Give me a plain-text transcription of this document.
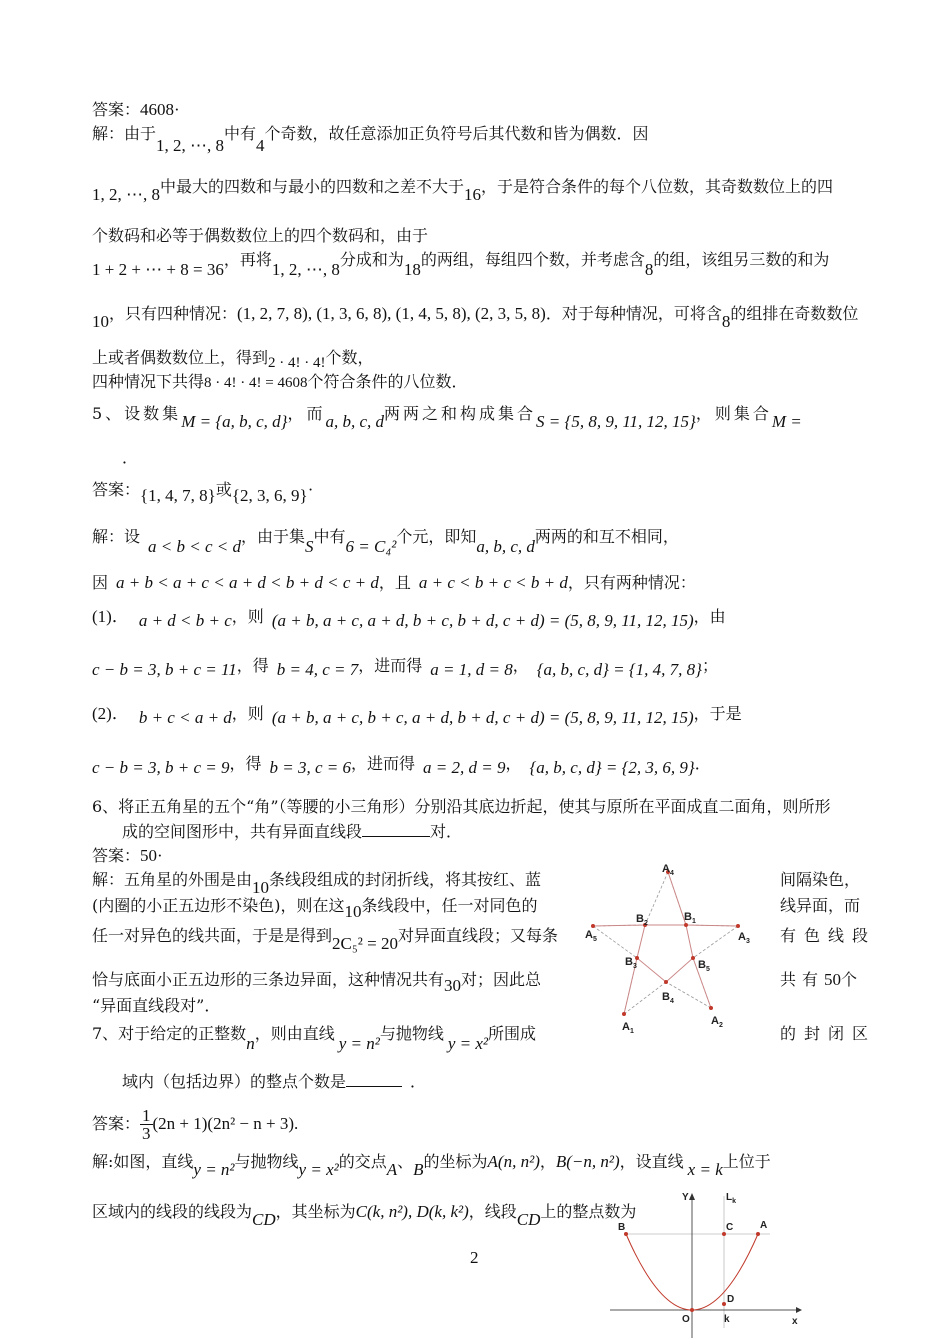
答案：4608·
解：由于1, 2, ⋯, 8中有4个奇数，故任意添加正负符号后其代数和皆为偶数．因
1, 2, ⋯, 8中最大的四数和与最小的四数和之差不大于16，于是符合条件的每个八位数，其奇数数位上的四
个数码和必等于偶数数位上的四个数码和，由于
1 + 2 + ⋯ + 8 = 36，再将1, 2, ⋯, 8分成和为18的两组，每组四个数，并考虑含8的组，该组另三数的和为
10，只有四种情况：(1, 2, 7, 8), (1, 3, 6, 8), (1, 4, 5, 8), (2, 3, 5, 8)．对于每种情况，可将含8的组排在奇数数位
上或者偶数数位上，得到2 · 4! · 4!个数，
四种情况下共得8 · 4! · 4! = 4608个符合条件的八位数．
5、设数集M = {a, b, c, d}，而a, b, c, d两两之和构成集合S = {5, 8, 9, 11, 12, 15}，则集合M =
．
答案：{1, 4, 7, 8}或{2, 3, 6, 9}·
解：设a < b < c < d，由于集S中有6 = C₄²个元，即知a, b, c, d两两的和互不相同，
因 a + b < a + c < a + d < b + d < c + d，且 a + c < b + c < b + d，只有两种情况：
(1)． a + d < b + c，则 (a + b, a + c, a + d, b + c, b + d, c + d) = (5, 8, 9, 11, 12, 15)，由
c − b = 3, b + c = 11，得 b = 4, c = 7，进而得 a = 1, d = 8， {a, b, c, d} = {1, 4, 7, 8}；
(2)． b + c < a + d，则 (a + b, a + c, b + c, a + d, b + d, c + d) = (5, 8, 9, 11, 12, 15)，于是
c − b = 3, b + c = 9，得 b = 3, c = 6，进而得 a = 2, d = 9， {a, b, c, d} = {2, 3, 6, 9}．
6、将正五角星的五个“角”（等腰的小三角形）分别沿其底边折起，使其与原所在平面成直二面角，则所形
成的空间图形中，共有异面直线段	对．
答案：50·
解：五角星的外围是由10条线段组成的封闭折线，将其按红、蓝	间隔染色，
(内圈的小正五边形不染色)，则在这10条线段中，任一对同色的	线异面，而
任一对异色的线共面，于是是得到2C₅² = 20对异面直线段；又每条	有色线段
恰与底面小正五边形的三条边异面，这种情况共有30对；因此总	共有50个
“异面直线段对”．
$A_4$
$A_5$	$A_3$
$A_1$
$A_2$
$B_2$
$B_1$
$B_3$	$B_5$
$B_4$
7、对于给定的正整数n，则由直线y = n²与抛物线y = x²所围成	的封闭区
域内（包括边界）的整点个数是	．
答案： $\frac{1}{3} (2n + 1)(2n^2 - n + 3)$.
解:如图，直线y = n²与抛物线y = x²的交点A、B的坐标为A(n, n²)，B(−n, n²)，设直线 x = k上位于
区域内的线段的线段为CD，其坐标为C(k, n²), D(k, k²)，线段CD上的整点数为
Y	$L_k$
B	C	A
D
O	k	x
2
